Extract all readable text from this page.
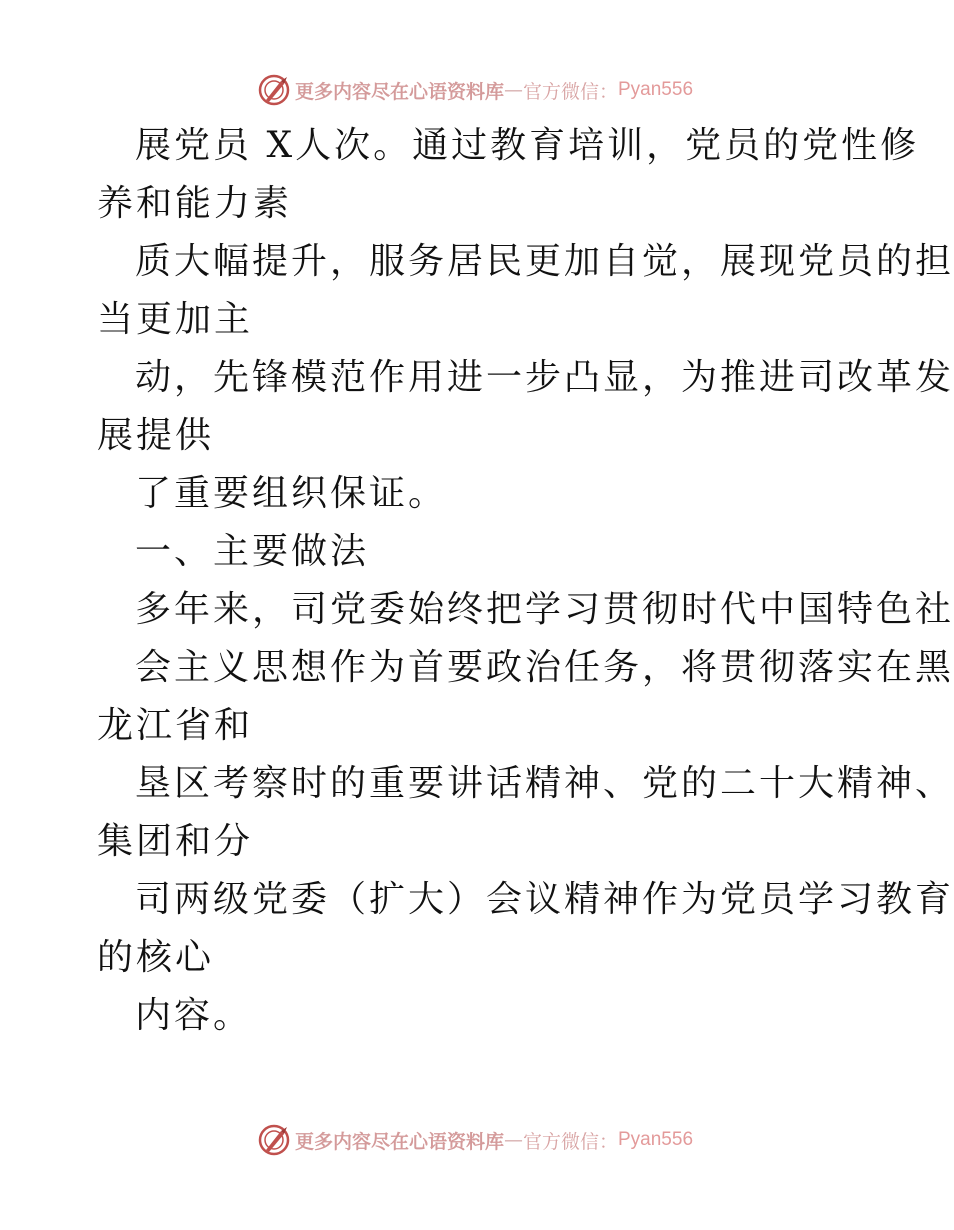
更多内容尽在心语资料库 — 官方微信： Pyan556
展党员 X人次。通过教育培训，党员的党性修
养和能力素
质大幅提升，服务居民更加自觉，展现党员的担
当更加主
动，先锋模范作用进一步凸显，为推进司改革发
展提供
了重要组织保证。
一、主要做法
多年来，司党委始终把学习贯彻时代中国特色社
会主义思想作为首要政治任务，将贯彻落实在黑
龙江省和
垦区考察时的重要讲话精神、党的二十大精神、
集团和分
司两级党委（扩大）会议精神作为党员学习教育
的核心
内容。
更多内容尽在心语资料库 — 官方微信： Pyan556
